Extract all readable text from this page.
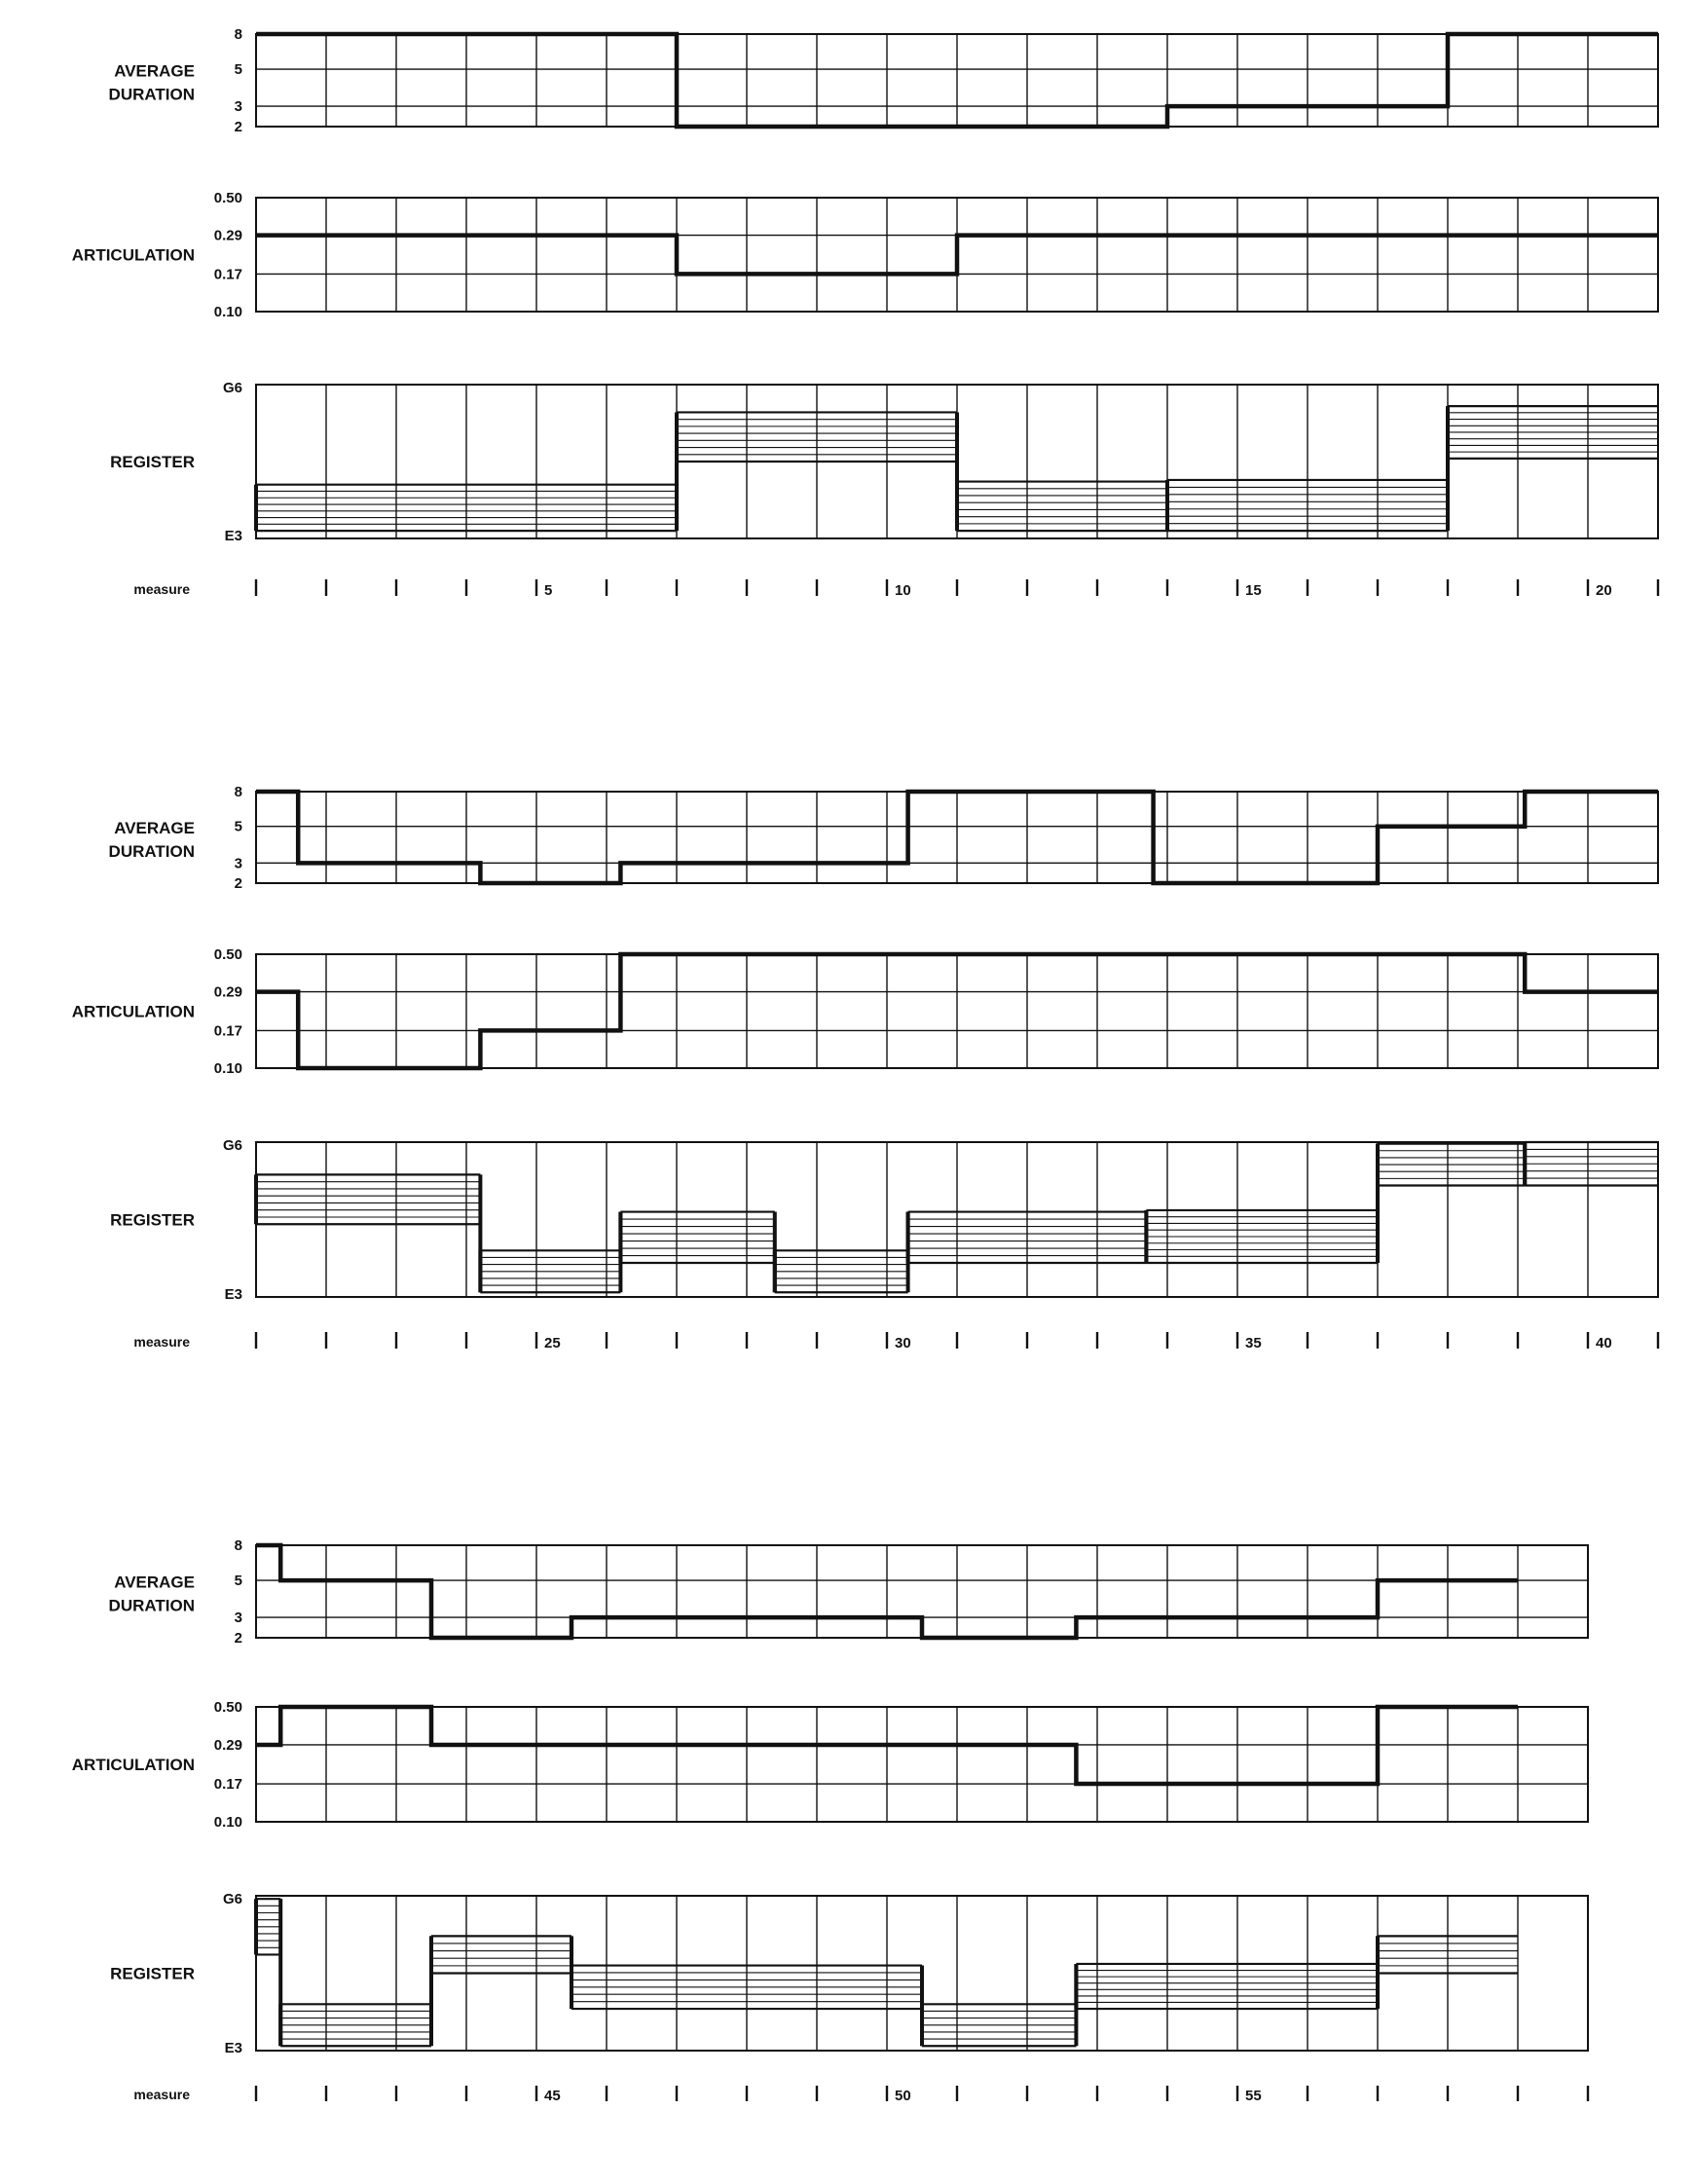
8
5
3
2
AVERAGE
DURATION
0.50
0.29
0.17
0.10
ARTICULATION
G6
E3
REGISTER
measure	5	10	15	20
8
5
3
2
AVERAGE
DURATION
0.50
0.29
0.17
0.10
ARTICULATION
G6
E3
REGISTER
measure	25	30	35	40
8
5
3
2
AVERAGE
DURATION
0.50
0.29
0.17
0.10
ARTICULATION
G6
E3
REGISTER
measure	45	50	55
